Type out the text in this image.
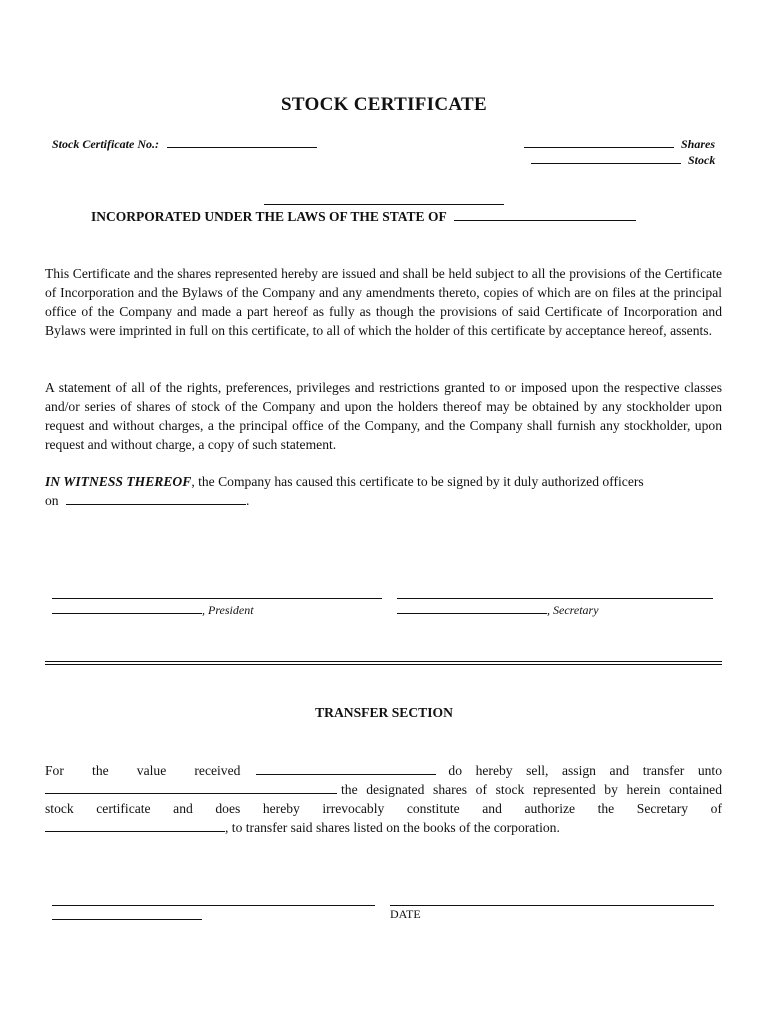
STOCK CERTIFICATE
Stock Certificate No.:	Shares
Stock
INCORPORATED UNDER THE LAWS OF THE STATE OF
This Certificate and the shares represented hereby are issued and shall be held subject to all the provisions of the Certificate of Incorporation and the Bylaws of the Company and any amendments thereto, copies of which are on files at the principal office of the Company and made a part hereof as fully as though the provisions of said Certificate of Incorporation and Bylaws were imprinted in full on this certificate, to all of which the holder of this certificate by acceptance hereof, assents.
A statement of all of the rights, preferences, privileges and restrictions granted to or imposed upon the respective classes and/or series of shares of stock of the Company and upon the holders thereof may be obtained by any stockholder upon request and without charges, a the principal office of the Company, and the Company shall furnish any stockholder, upon request and without charge, a copy of such statement.
IN WITNESS THEREOF, the Company has caused this certificate to be signed by it duly authorized officers
on	.
, President	, Secretary
TRANSFER SECTION
For the value received	do hereby sell, assign and transfer unto
the designated shares of stock represented by herein contained
stock certificate and does hereby irrevocably constitute and authorize the Secretary of
, to transfer said shares listed on the books of the corporation.
DATE
